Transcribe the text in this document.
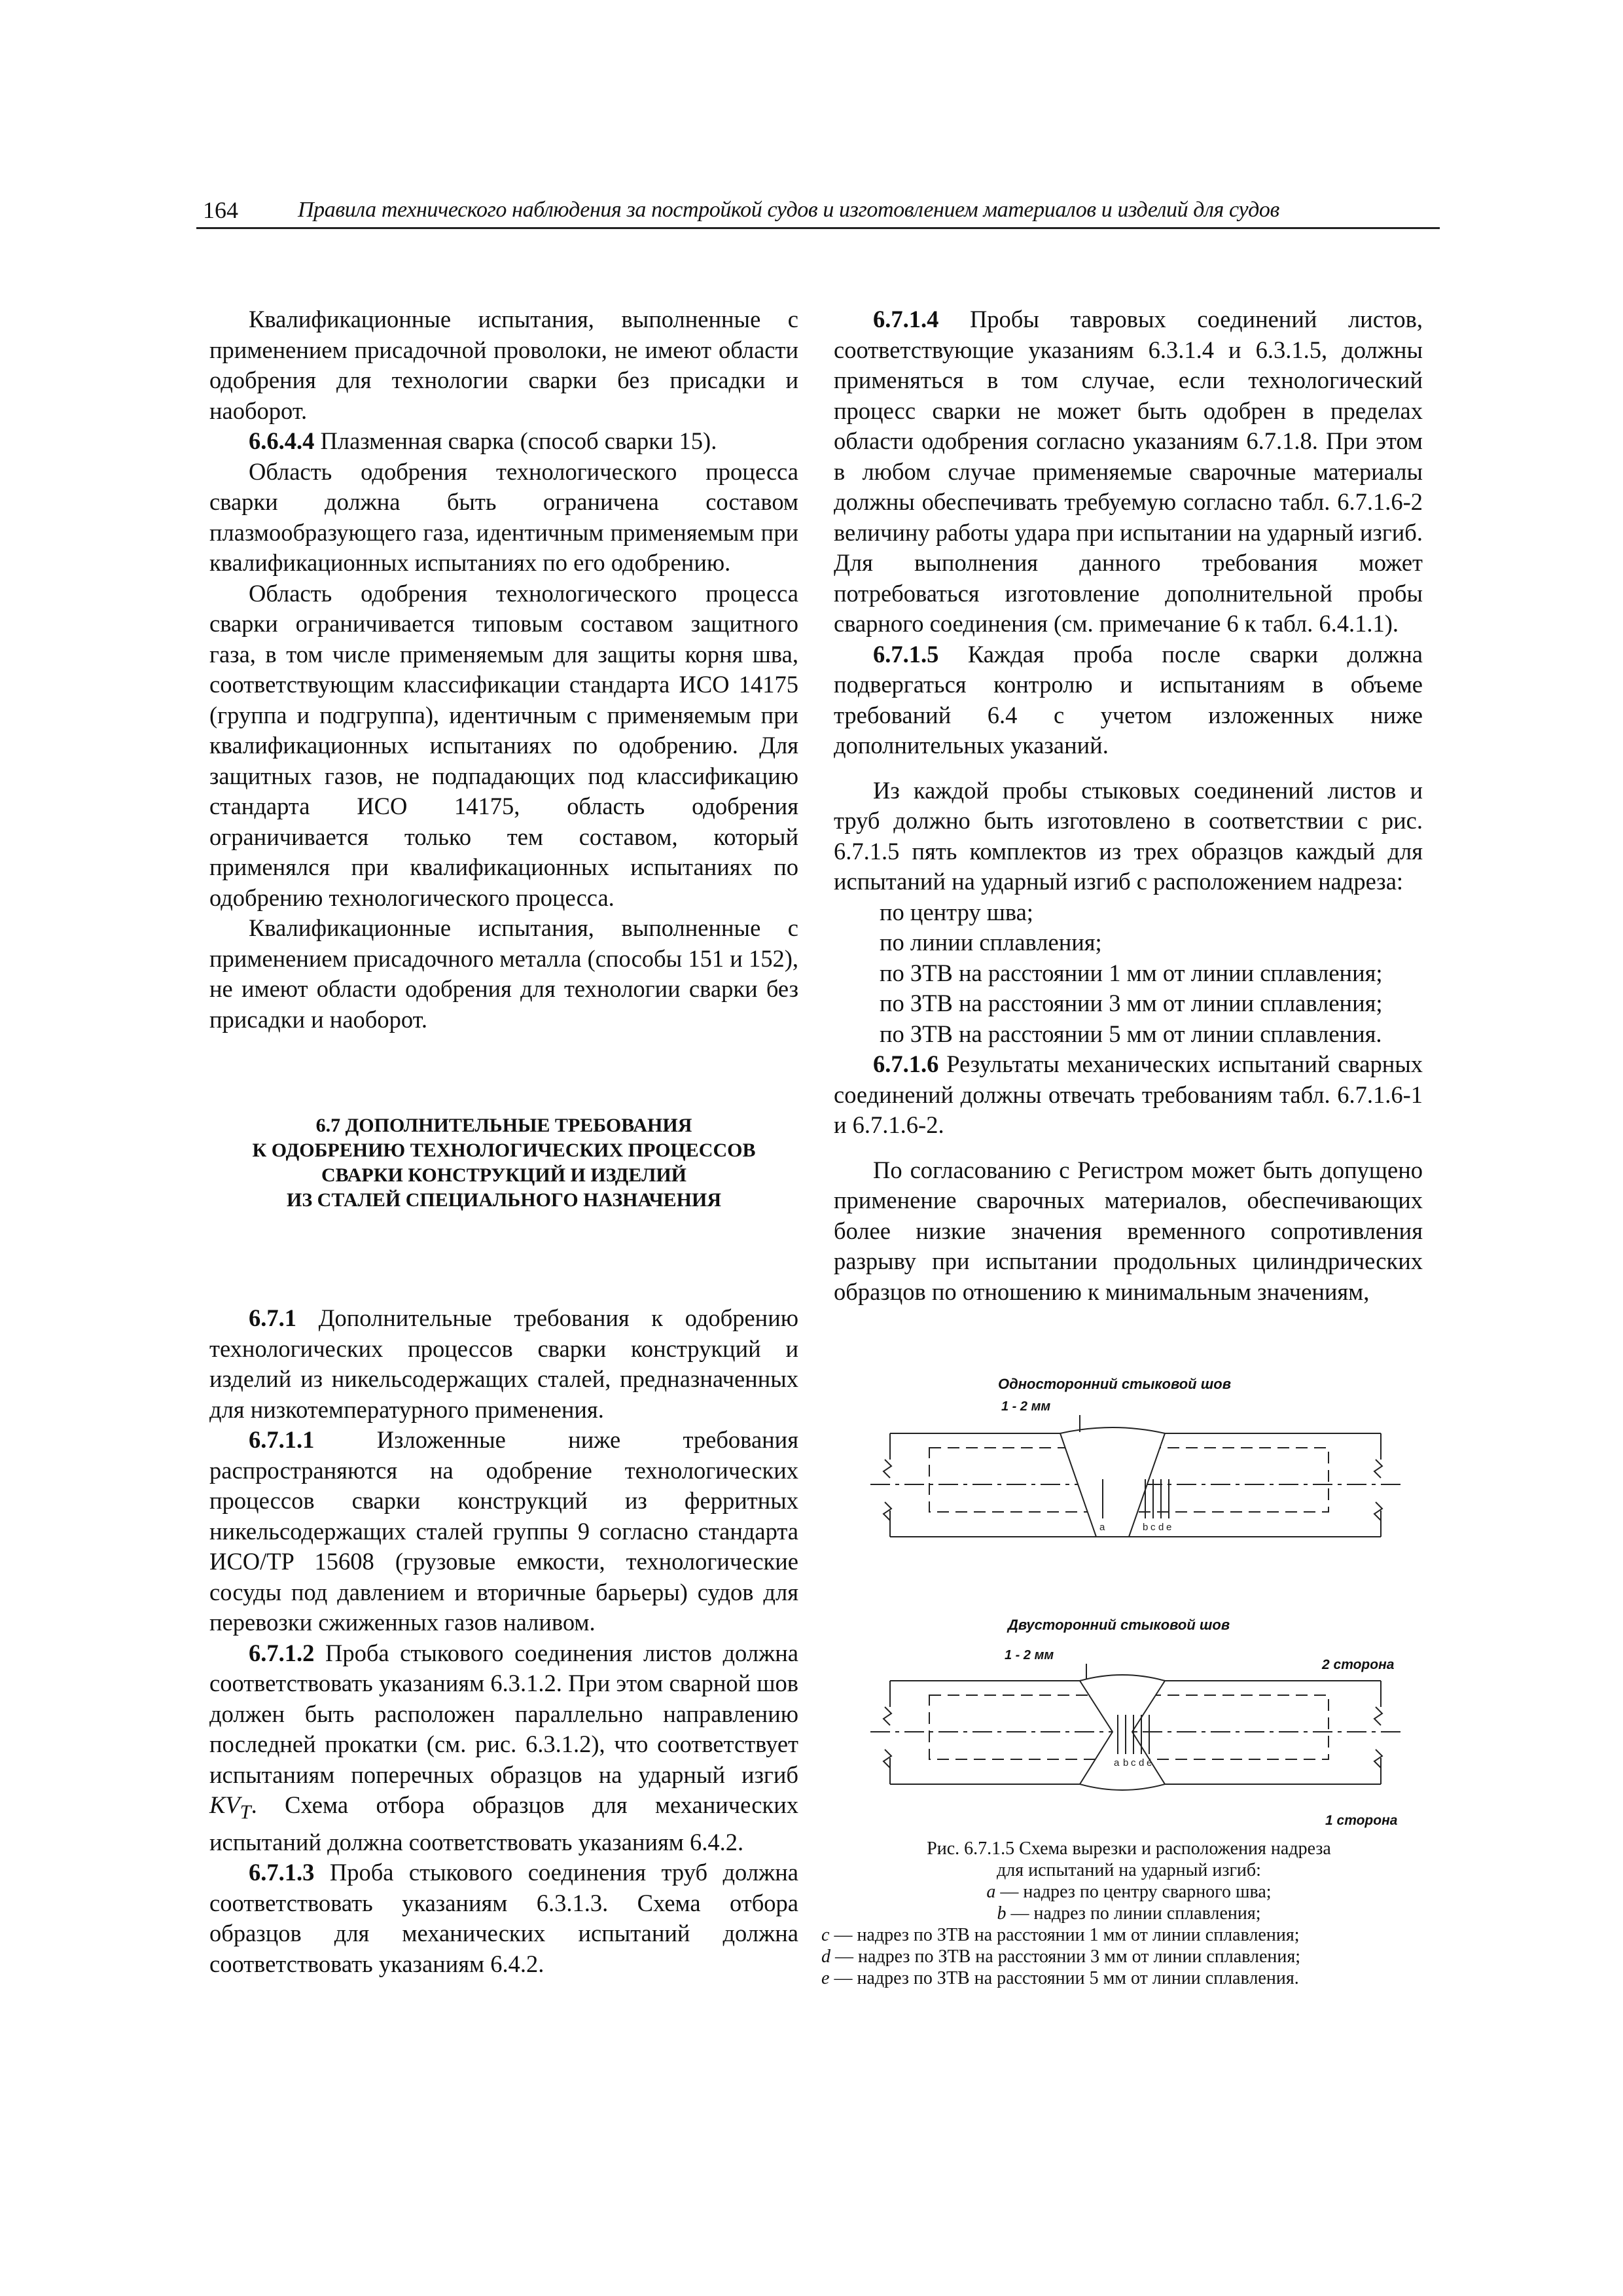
164	Правила технического наблюдения за постройкой судов и изготовлением материалов и изделий для судов

Квалификационные испытания, выполненные с применением присадочной проволоки, не имеют области одобрения для технологии сварки без присадки и наоборот.

6.6.4.4 Плазменная сварка (способ сварки 15).

Область одобрения технологического процесса сварки должна быть ограничена составом плазмообразующего газа, идентичным применяемым при квалификационных испытаниях по его одобрению.

Область одобрения технологического процесса сварки ограничивается типовым составом защитного газа, в том числе применяемым для защиты корня шва, соответствующим классификации стандарта ИСО 14175 (группа и подгруппа), идентичным с применяемым при квалификационных испытаниях по одобрению. Для защитных газов, не подпадающих под классификацию стандарта ИСО 14175, область одобрения ограничивается только тем составом, который применялся при квалификационных испытаниях по одобрению технологического процесса.

Квалификационные испытания, выполненные с применением присадочного металла (способы 151 и 152), не имеют области одобрения для технологии сварки без присадки и наоборот.

6.7 ДОПОЛНИТЕЛЬНЫЕ ТРЕБОВАНИЯ
К ОДОБРЕНИЮ ТЕХНОЛОГИЧЕСКИХ ПРОЦЕССОВ
СВАРКИ КОНСТРУКЦИЙ И ИЗДЕЛИЙ
ИЗ СТАЛЕЙ СПЕЦИАЛЬНОГО НАЗНАЧЕНИЯ

6.7.1 Дополнительные требования к одобрению технологических процессов сварки конструкций и изделий из никельсодержащих сталей, предназначенных для низкотемпературного применения.

6.7.1.1 Изложенные ниже требования распространяются на одобрение технологических процессов сварки конструкций из ферритных никельсодержащих сталей группы 9 согласно стандарта ИСО/TP 15608 (грузовые емкости, технологические сосуды под давлением и вторичные барьеры) судов для перевозки сжиженных газов наливом.

6.7.1.2 Проба стыкового соединения листов должна соответствовать указаниям 6.3.1.2. При этом сварной шов должен быть расположен параллельно направлению последней прокатки (см. рис. 6.3.1.2), что соответствует испытаниям поперечных образцов на ударный изгиб $KV_T$. Схема отбора образцов для механических испытаний должна соответствовать указаниям 6.4.2.

6.7.1.3 Проба стыкового соединения труб должна соответствовать указаниям 6.3.1.3. Схема отбора образцов для механических испытаний должна соответствовать указаниям 6.4.2.

6.7.1.4 Пробы тавровых соединений листов, соответствующие указаниям 6.3.1.4 и 6.3.1.5, должны применяться в том случае, если технологический процесс сварки не может быть одобрен в пределах области одобрения согласно указаниям 6.7.1.8. При этом в любом случае применяемые сварочные материалы должны обеспечивать требуемую согласно табл. 6.7.1.6-2 величину работы удара при испытании на ударный изгиб. Для выполнения данного требования может потребоваться изготовление дополнительной пробы сварного соединения (см. примечание 6 к табл. 6.4.1.1).

6.7.1.5 Каждая проба после сварки должна подвергаться контролю и испытаниям в объеме требований 6.4 с учетом изложенных ниже дополнительных указаний.

Из каждой пробы стыковых соединений листов и труб должно быть изготовлено в соответствии с рис. 6.7.1.5 пять комплектов из трех образцов каждый для испытаний на ударный изгиб с расположением надреза:

по центру шва;

по линии сплавления;

по ЗТВ на расстоянии 1 мм от линии сплавления;

по ЗТВ на расстоянии 3 мм от линии сплавления;

по ЗТВ на расстоянии 5 мм от линии сплавления.

6.7.1.6 Результаты механических испытаний сварных соединений должны отвечать требованиям табл. 6.7.1.6-1 и 6.7.1.6-2.

По согласованию с Регистром может быть допущено применение сварочных материалов, обеспечивающих более низкие значения временного сопротивления разрыву при испытании продольных цилиндрических образцов по отношению к минимальным значениям,

Односторонний стыковой шов
1 - 2 мм
Двусторонний стыковой шов
1 - 2 мм
2 сторона
1 сторона
a	b c d e
a b c d e
Рис. 6.7.1.5 Схема вырезки и расположения надреза
для испытаний на ударный изгиб:
a — надрез по центру сварного шва;
b — надрез по линии сплавления;
c — надрез по ЗТВ на расстоянии 1 мм от линии сплавления;
d — надрез по ЗТВ на расстоянии 3 мм от линии сплавления;
e — надрез по ЗТВ на расстоянии 5 мм от линии сплавления.
